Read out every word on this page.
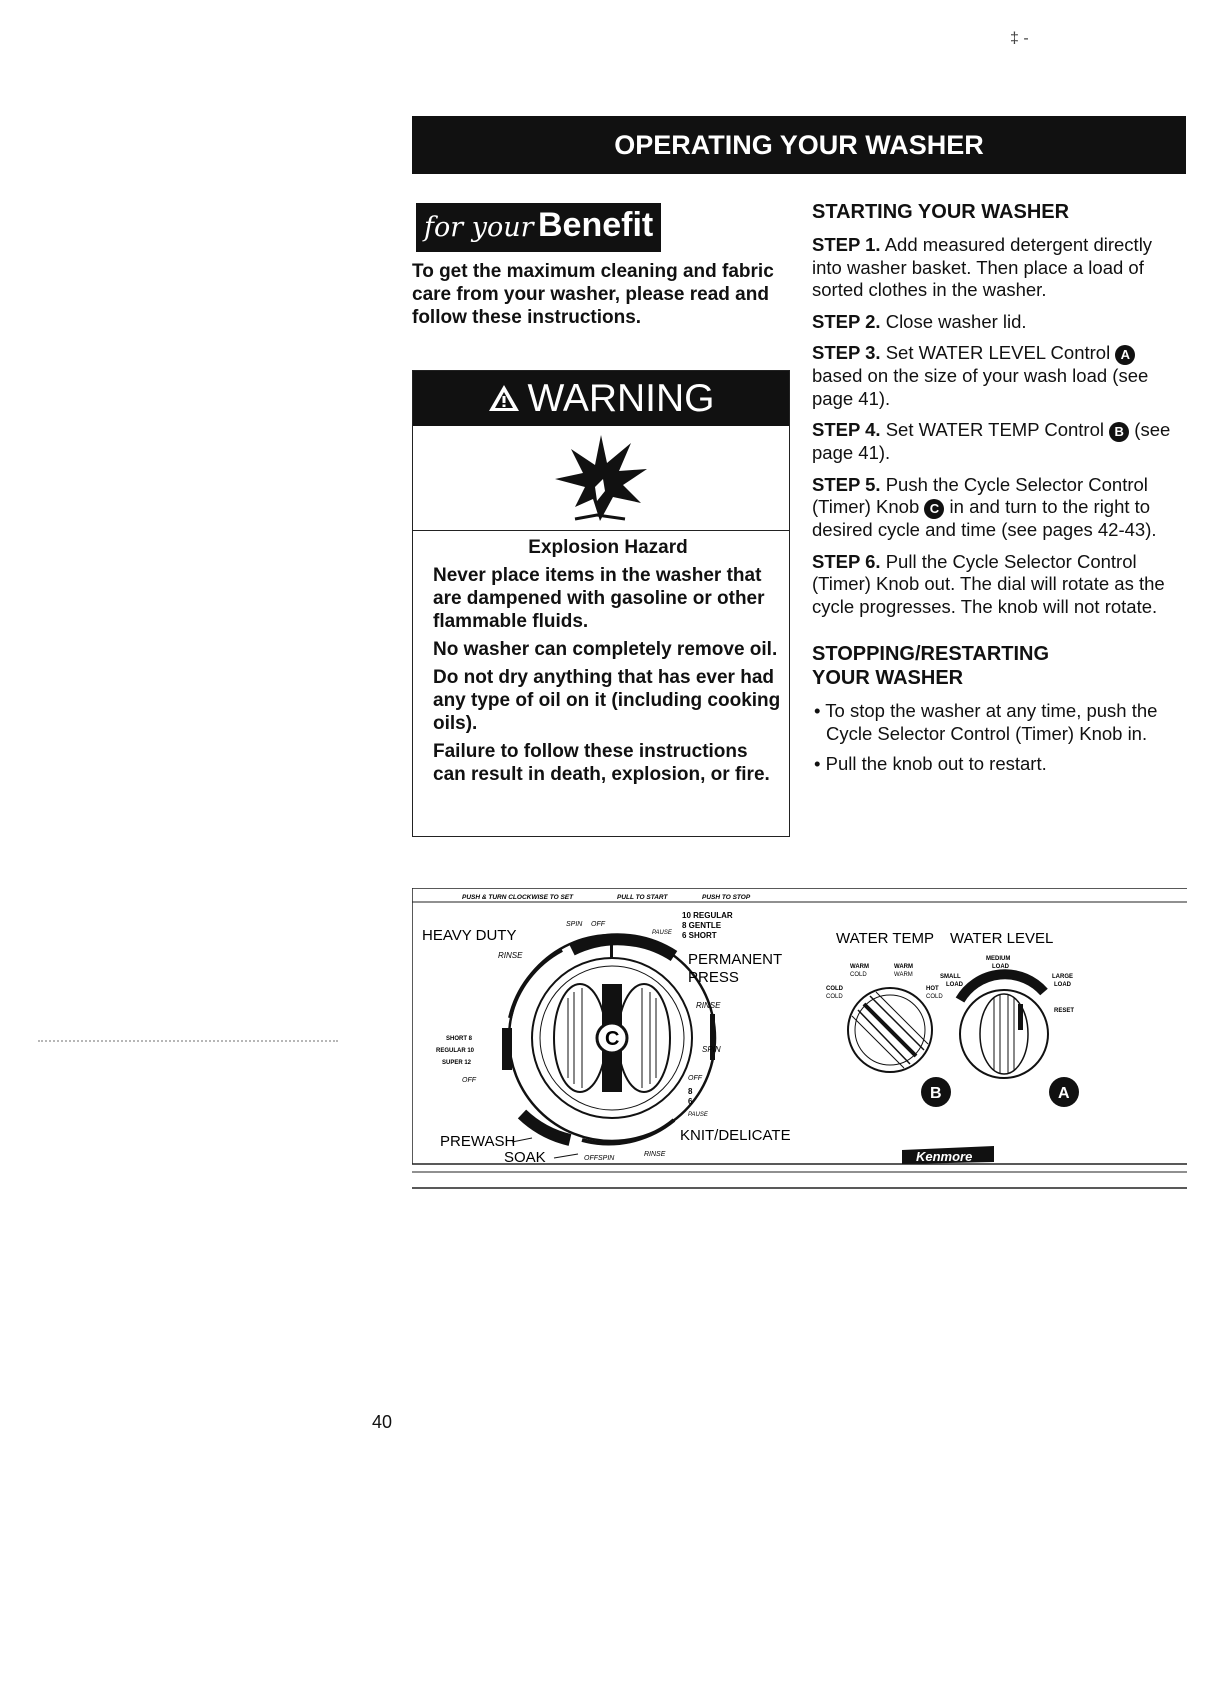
‡ -
OPERATING YOUR WASHER
for your Benefit
To get the maximum cleaning and fabric care from your washer, please read and follow these instructions.
WARNING

Explosion Hazard

Never place items in the washer that are dampened with gasoline or other flammable fluids.

No washer can completely remove oil.

Do not dry anything that has ever had any type of oil on it (including cooking oils).

Failure to follow these instructions can result in death, explosion, or fire.

STARTING YOUR WASHER

STEP 1. Add measured detergent directly into washer basket. Then place a load of sorted clothes in the washer.

STEP 2. Close washer lid.

STEP 3. Set WATER LEVEL Control A based on the size of your wash load (see page 41).

STEP 4. Set WATER TEMP Control B (see page 41).

STEP 5. Push the Cycle Selector Control (Timer) Knob C in and turn to the right to desired cycle and time (see pages 42-43).

STEP 6. Pull the Cycle Selector Control (Timer) Knob out. The dial will rotate as the cycle progresses. The knob will not rotate.

STOPPING/RESTARTING
YOUR WASHER
• To stop the washer at any time, push the Cycle Selector Control (Timer) Knob in.
• Pull the knob out to restart.
PUSH & TURN CLOCKWISE TO SET	PULL TO START	PUSH TO STOP
C
HEAVY DUTY
SPIN OFF
10 REGULAR
8 GENTLE
6 SHORT
PAUSE
RINSE	PERMANENT
PRESS
RINSE
SHORT 8
REGULAR 10
SUPER 12
OFF
SPIN
OFF
8
6
PAUSE
PREWASH
SOAK	OFF SPIN
RINSE
KNIT/DELICATE
WATER TEMP
WARM
COLD
WARM
WARM
COLD
COLD
HOT
COLD
B
WATER LEVEL
MEDIUM
LOAD
SMALL
LOAD
LARGE
LOAD
RESET
A
Kenmore
40
